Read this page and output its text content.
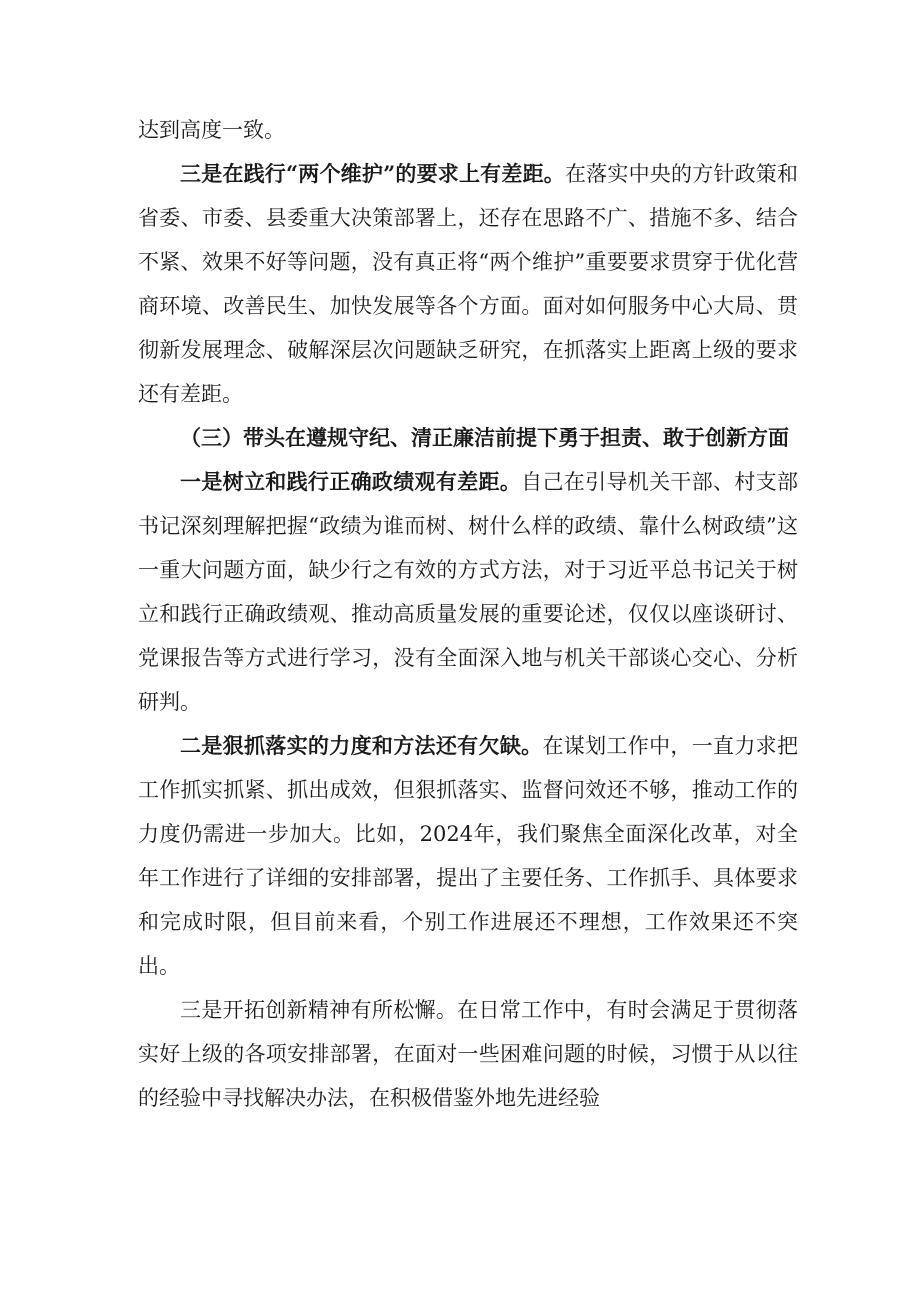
达到高度一致。

三是在践行“两个维护”的要求上有差距。在落实中央的方针政策和省委、市委、县委重大决策部署上，还存在思路不广、措施不多、结合不紧、效果不好等问题，没有真正将“两个维护”重要要求贯穿于优化营商环境、改善民生、加快发展等各个方面。面对如何服务中心大局、贯彻新发展理念、破解深层次问题缺乏研究，在抓落实上距离上级的要求还有差距。

（三）带头在遵规守纪、清正廉洁前提下勇于担责、敢于创新方面

一是树立和践行正确政绩观有差距。自己在引导机关干部、村支部书记深刻理解把握“政绩为谁而树、树什么样的政绩、靠什么树政绩”这一重大问题方面，缺少行之有效的方式方法，对于习近平总书记关于树立和践行正确政绩观、推动高质量发展的重要论述，仅仅以座谈研讨、党课报告等方式进行学习，没有全面深入地与机关干部谈心交心、分析研判。

二是狠抓落实的力度和方法还有欠缺。在谋划工作中，一直力求把工作抓实抓紧、抓出成效，但狠抓落实、监督问效还不够，推动工作的力度仍需进一步加大。比如，2024年，我们聚焦全面深化改革，对全年工作进行了详细的安排部署，提出了主要任务、工作抓手、具体要求和完成时限，但目前来看，个别工作进展还不理想，工作效果还不突出。

三是开拓创新精神有所松懈。在日常工作中，有时会满足于贯彻落实好上级的各项安排部署，在面对一些困难问题的时候，习惯于从以往的经验中寻找解决办法，在积极借鉴外地先进经验
